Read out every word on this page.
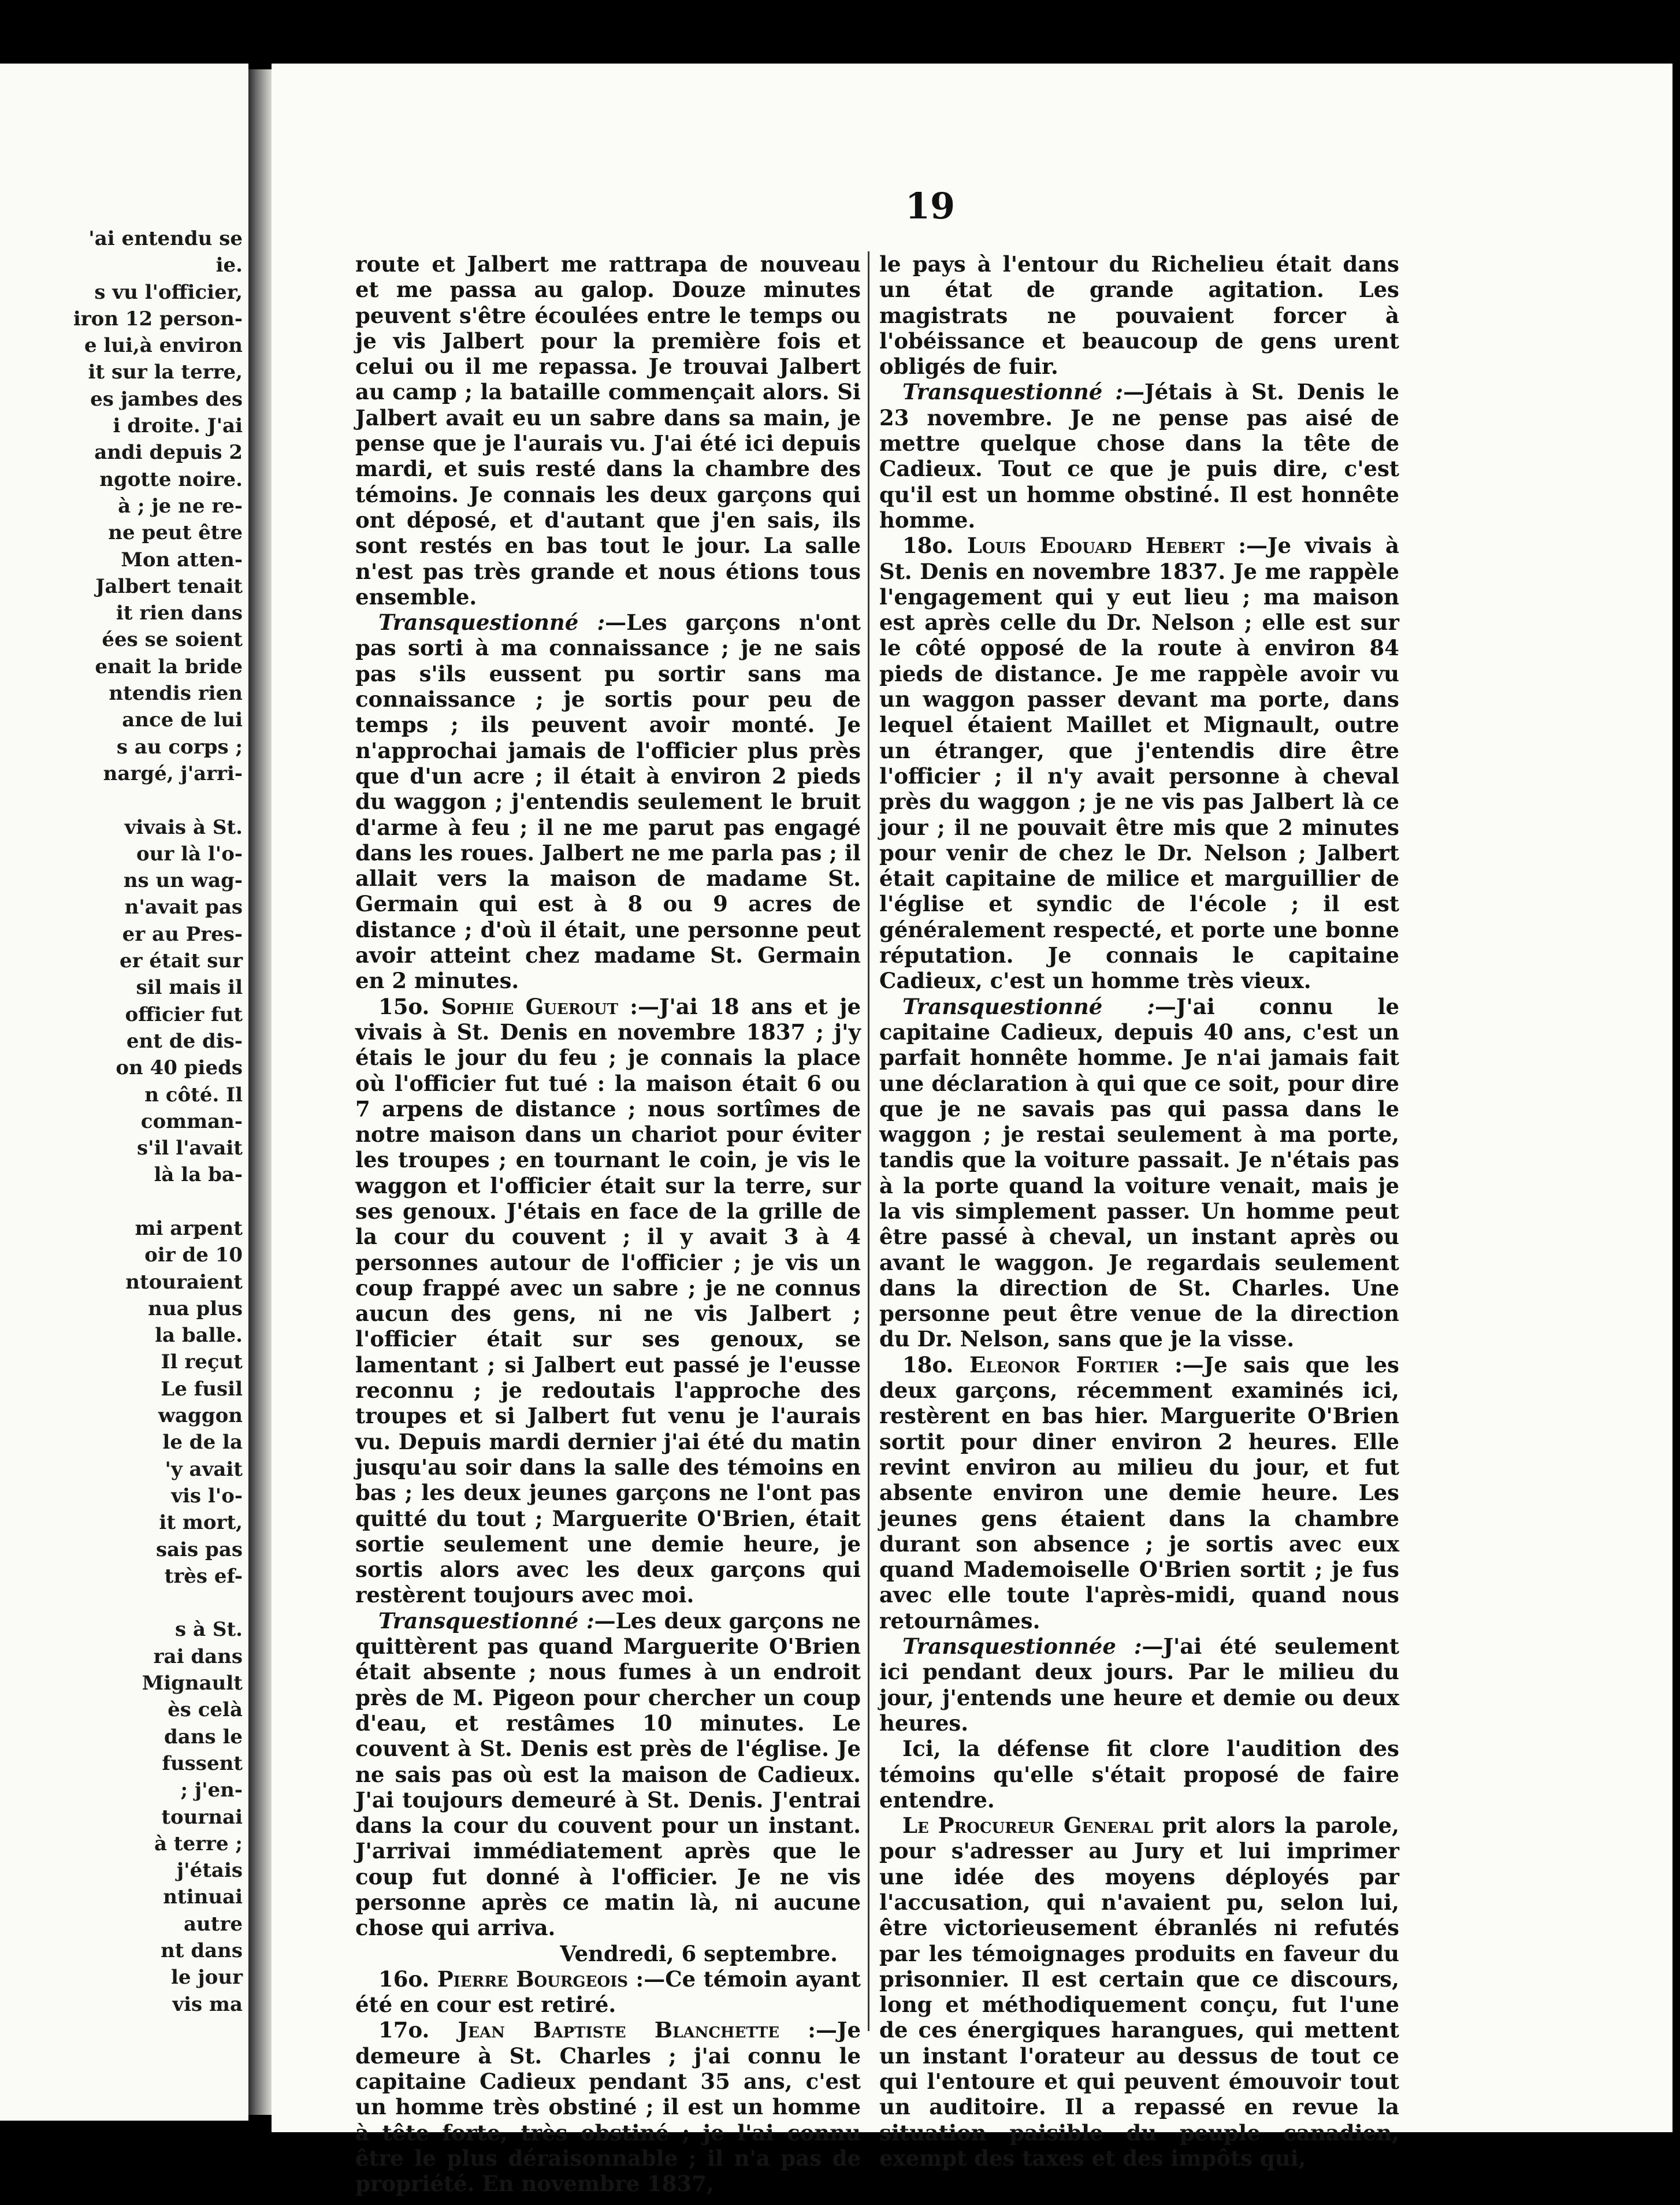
'ai entendu se
ie.
s vu l'officier,
iron 12 person-
e lui,à environ
it sur la terre,
es jambes des
i droite. J'ai
andi depuis 2
ngotte noire.
à ; je ne re-
ne peut être
Mon atten-
Jalbert tenait
it rien dans
ées se soient
enait la bride
ntendis rien
ance de lui
s au corps ;
nargé, j'arri-

vivais à St.
our là l'o-
ns un wag-
n'avait pas
er au Pres-
er était sur
sil mais il
officier fut
ent de dis-
on 40 pieds
n côté. Il
comman-
s'il l'avait
là la ba-

mi arpent
oir de 10
ntouraient
nua plus
la balle.
Il reçut
Le fusil
waggon
le de la
'y avait
vis l'o-
it mort,
sais pas
très ef-

s à St.
rai dans
Mignault
ès celà
dans le
fussent
; j'en-
tournai
à terre ;
j'étais
ntinuai
autre
nt dans
le jour
vis ma
19

route et Jalbert me rattrapa de nouveau et me passa au galop. Douze minutes peuvent s'être écoulées entre le temps ou je vis Jalbert pour la première fois et celui ou il me repassa. Je trouvai Jalbert au camp ; la bataille commençait alors. Si Jalbert avait eu un sabre dans sa main, je pense que je l'aurais vu. J'ai été ici depuis mardi, et suis resté dans la chambre des témoins. Je connais les deux garçons qui ont déposé, et d'autant que j'en sais, ils sont restés en bas tout le jour. La salle n'est pas très grande et nous étions tous ensemble.

Transquestionné :—Les garçons n'ont pas sorti à ma connaissance ; je ne sais pas s'ils eussent pu sortir sans ma connaissance ; je sortis pour peu de temps ; ils peuvent avoir monté. Je n'approchai jamais de l'officier plus près que d'un acre ; il était à environ 2 pieds du waggon ; j'entendis seulement le bruit d'arme à feu ; il ne me parut pas engagé dans les roues. Jalbert ne me parla pas ; il allait vers la maison de madame St. Germain qui est à 8 ou 9 acres de distance ; d'où il était, une personne peut avoir atteint chez madame St. Germain en 2 minutes.

15o. Sophie Guerout :—J'ai 18 ans et je vivais à St. Denis en novembre 1837 ; j'y étais le jour du feu ; je connais la place où l'officier fut tué : la maison était 6 ou 7 arpens de distance ; nous sortîmes de notre maison dans un chariot pour éviter les troupes ; en tournant le coin, je vis le waggon et l'officier était sur la terre, sur ses genoux. J'étais en face de la grille de la cour du couvent ; il y avait 3 à 4 personnes autour de l'officier ; je vis un coup frappé avec un sabre ; je ne connus aucun des gens, ni ne vis Jalbert ; l'officier était sur ses genoux, se lamentant ; si Jalbert eut passé je l'eusse reconnu ; je redoutais l'approche des troupes et si Jalbert fut venu je l'aurais vu. Depuis mardi dernier j'ai été du matin jusqu'au soir dans la salle des témoins en bas ; les deux jeunes garçons ne l'ont pas quitté du tout ; Marguerite O'Brien, était sortie seulement une demie heure, je sortis alors avec les deux garçons qui restèrent toujours avec moi.

Transquestionné :—Les deux garçons ne quittèrent pas quand Marguerite O'Brien était absente ; nous fumes à un endroit près de M. Pigeon pour chercher un coup d'eau, et restâmes 10 minutes. Le couvent à St. Denis est près de l'église. Je ne sais pas où est la maison de Cadieux. J'ai toujours demeuré à St. Denis. J'entrai dans la cour du couvent pour un instant. J'arrivai immédiatement après que le coup fut donné à l'officier. Je ne vis personne après ce matin là, ni aucune chose qui arriva.

Vendredi, 6 septembre.

16o. Pierre Bourgeois :—Ce témoin ayant été en cour est retiré.

17o. Jean Baptiste Blanchette :—Je demeure à St. Charles ; j'ai connu le capitaine Cadieux pendant 35 ans, c'est un homme très obstiné ; il est un homme à tête forte, très obstiné ; je l'ai connu être le plus déraisonnable ; il n'a pas de propriété. En novembre 1837,

le pays à l'entour du Richelieu était dans un état de grande agitation. Les magistrats ne pouvaient forcer à l'obéissance et beaucoup de gens urent obligés de fuir.

Transquestionné :—Jétais à St. Denis le 23 novembre. Je ne pense pas aisé de mettre quelque chose dans la tête de Cadieux. Tout ce que je puis dire, c'est qu'il est un homme obstiné. Il est honnête homme.

18o. Louis Edouard Hebert :—Je vivais à St. Denis en novembre 1837. Je me rappèle l'engagement qui y eut lieu ; ma maison est après celle du Dr. Nelson ; elle est sur le côté opposé de la route à environ 84 pieds de distance. Je me rappèle avoir vu un waggon passer devant ma porte, dans lequel étaient Maillet et Mignault, outre un étranger, que j'entendis dire être l'officier ; il n'y avait personne à cheval près du waggon ; je ne vis pas Jalbert là ce jour ; il ne pouvait être mis que 2 minutes pour venir de chez le Dr. Nelson ; Jalbert était capitaine de milice et marguillier de l'église et syndic de l'école ; il est généralement respecté, et porte une bonne réputation. Je connais le capitaine Cadieux, c'est un homme très vieux.

Transquestionné :—J'ai connu le capitaine Cadieux, depuis 40 ans, c'est un parfait honnête homme. Je n'ai jamais fait une déclaration à qui que ce soit, pour dire que je ne savais pas qui passa dans le waggon ; je restai seulement à ma porte, tandis que la voiture passait. Je n'étais pas à la porte quand la voiture venait, mais je la vis simplement passer. Un homme peut être passé à cheval, un instant après ou avant le waggon. Je regardais seulement dans la direction de St. Charles. Une personne peut être venue de la direction du Dr. Nelson, sans que je la visse.

18o. Eleonor Fortier :—Je sais que les deux garçons, récemment examinés ici, restèrent en bas hier. Marguerite O'Brien sortit pour diner environ 2 heures. Elle revint environ au milieu du jour, et fut absente environ une demie heure. Les jeunes gens étaient dans la chambre durant son absence ; je sortis avec eux quand Mademoiselle O'Brien sortit ; je fus avec elle toute l'après-midi, quand nous retournâmes.

Transquestionnée :—J'ai été seulement ici pendant deux jours. Par le milieu du jour, j'entends une heure et demie ou deux heures.

Ici, la défense fit clore l'audition des témoins qu'elle s'était proposé de faire entendre.

Le Procureur General prit alors la parole, pour s'adresser au Jury et lui imprimer une idée des moyens déployés par l'accusation, qui n'avaient pu, selon lui, être victorieusement ébranlés ni refutés par les témoignages produits en faveur du prisonnier. Il est certain que ce discours, long et méthodiquement conçu, fut l'une de ces énergiques harangues, qui mettent un instant l'orateur au dessus de tout ce qui l'entoure et qui peuvent émouvoir tout un auditoire. Il a repassé en revue la situation paisible du peuple canadien, exempt des taxes et des impôts qui,
